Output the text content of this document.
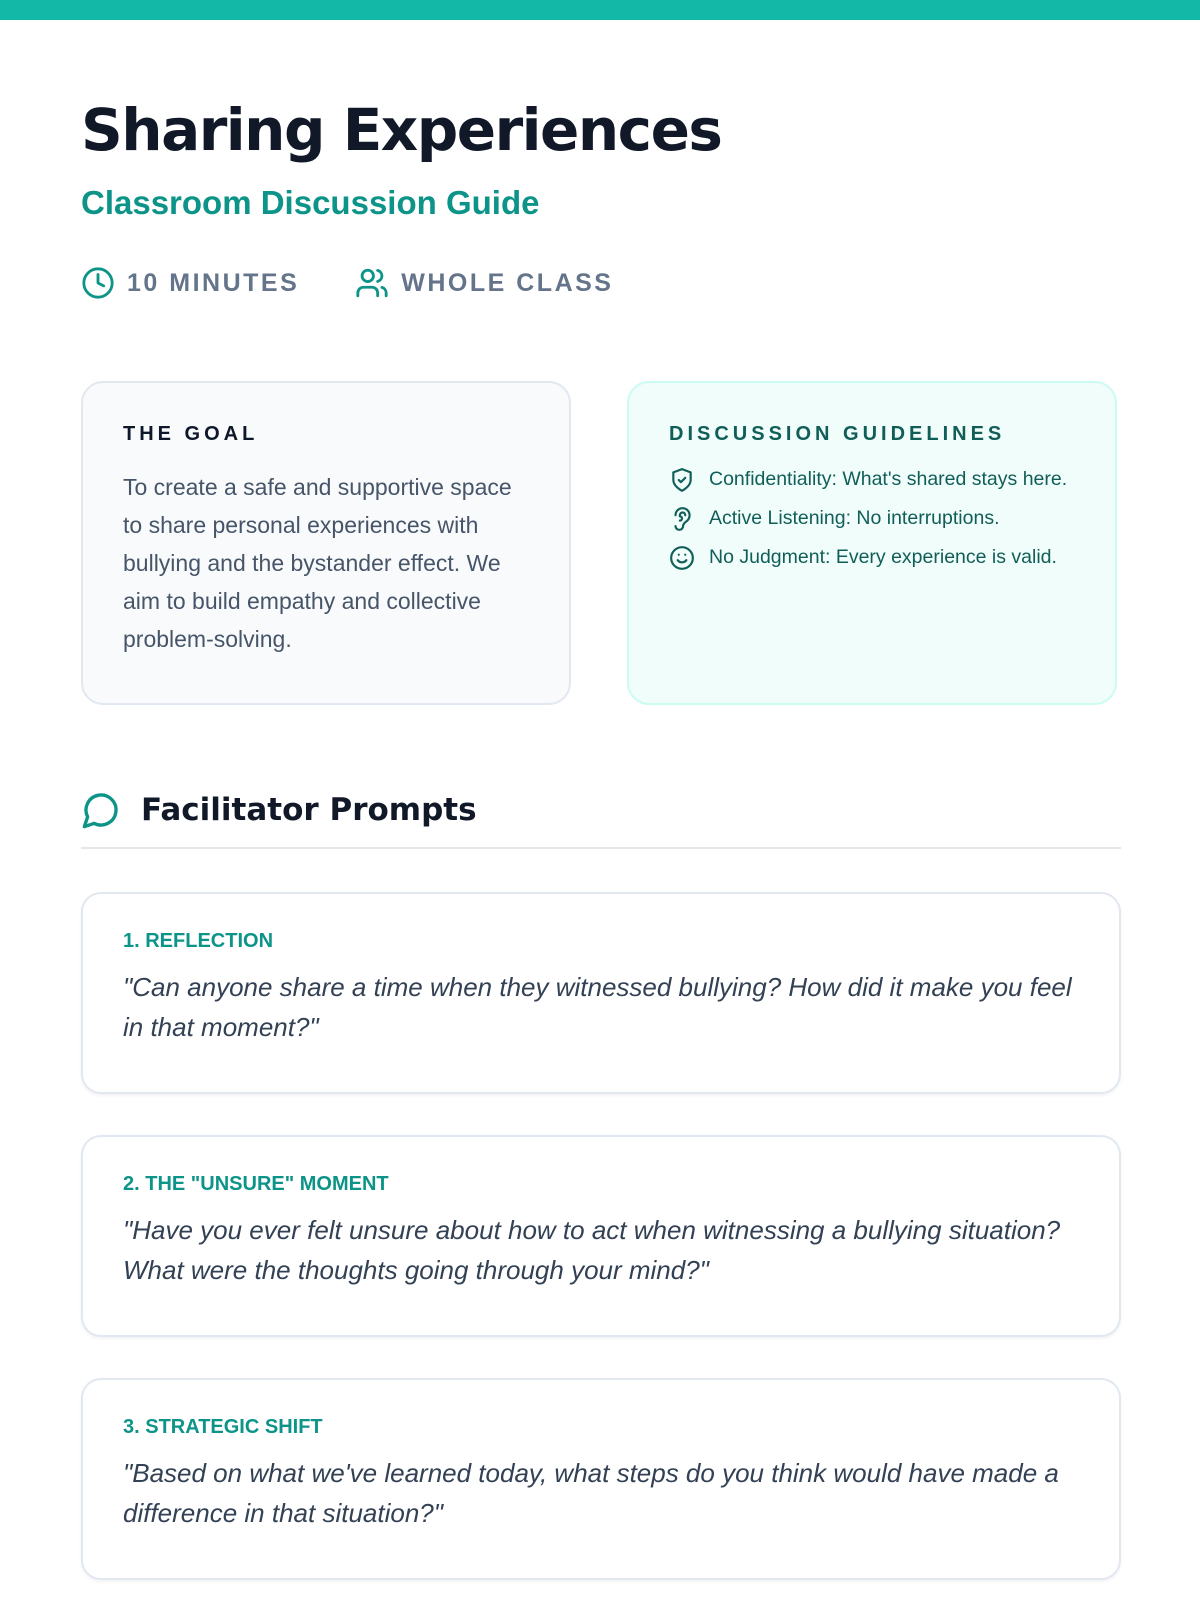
Sharing Experiences
Classroom Discussion Guide
10 MINUTES	WHOLE CLASS
THE GOAL

To create a safe and supportive space to share personal experiences with bullying and the bystander effect. We aim to build empathy and collective problem-solving.

DISCUSSION GUIDELINES
Confidentiality: What's shared stays here.
Active Listening: No interruptions.
No Judgment: Every experience is valid.
Facilitator Prompts

1. REFLECTION

"Can anyone share a time when they witnessed bullying? How did it make you feel in that moment?"

2. THE "UNSURE" MOMENT

"Have you ever felt unsure about how to act when witnessing a bullying situation? What were the thoughts going through your mind?"

3. STRATEGIC SHIFT

"Based on what we've learned today, what steps do you think would have made a difference in that situation?"
